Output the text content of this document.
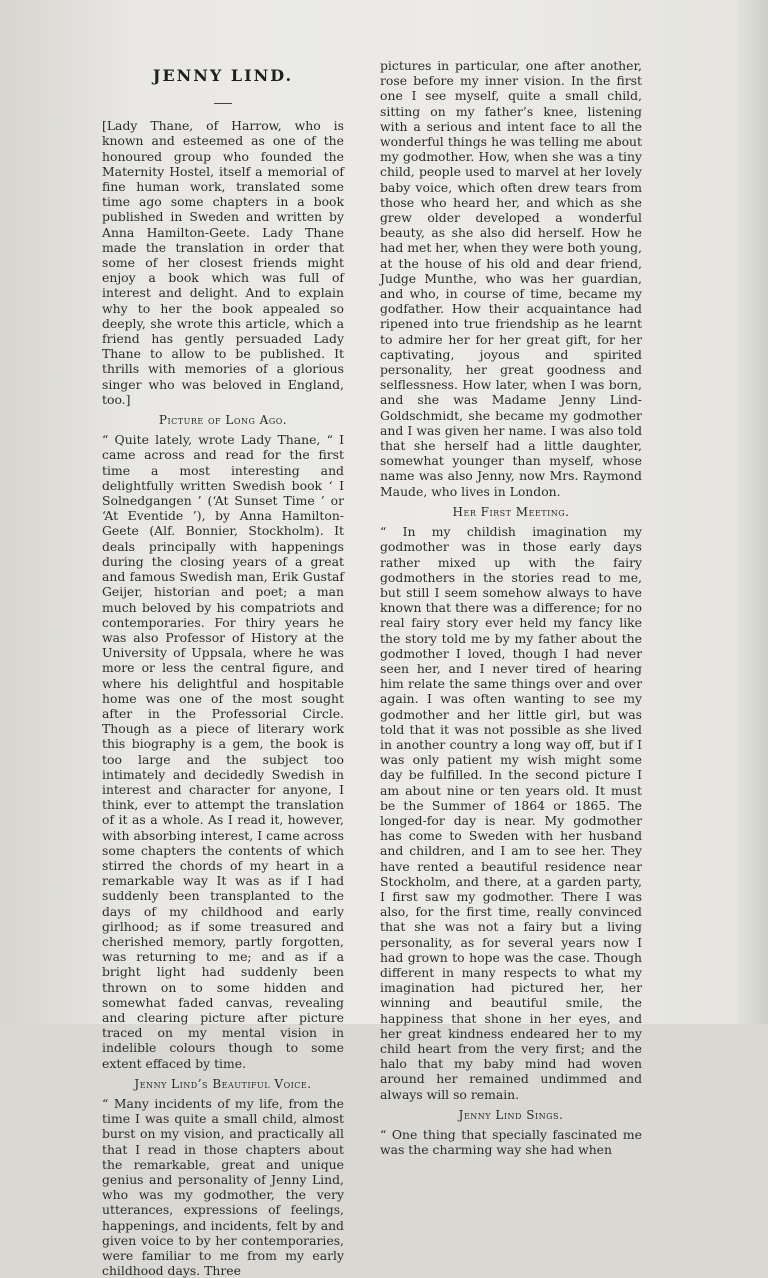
JENNY LIND.

[Lady Thane, of Harrow, who is known and esteemed as one of the honoured group who founded the Maternity Hostel, itself a memorial of fine human work, translated some time ago some chapters in a book published in Sweden and written by Anna Hamilton-Geete. Lady Thane made the translation in order that some of her closest friends might enjoy a book which was full of interest and delight. And to explain why to her the book appealed so deeply, she wrote this article, which a friend has gently persuaded Lady Thane to allow to be published. It thrills with memories of a glorious singer who was beloved in England, too.]

Picture of Long Ago.

“ Quite lately, wrote Lady Thane, “ I came across and read for the first time a most interesting and delightfully written Swedish book ‘ I Solnedgangen ’ (‘At Sunset Time ’ or ‘At Eventide ’), by Anna Hamilton-Geete (Alf. Bonnier, Stockholm). It deals principally with happenings during the closing years of a great and famous Swedish man, Erik Gustaf Geijer, historian and poet; a man much beloved by his compatriots and contemporaries. For thiry years he was also Professor of History at the University of Uppsala, where he was more or less the central figure, and where his delightful and hospitable home was one of the most sought after in the Professorial Circle. Though as a piece of literary work this biography is a gem, the book is too large and the subject too intimately and decidedly Swedish in interest and character for anyone, I think, ever to attempt the translation of it as a whole. As I read it, however, with absorbing interest, I came across some chapters the contents of which stirred the chords of my heart in a remarkable way It was as if I had suddenly been transplanted to the days of my childhood and early girlhood; as if some treasured and cherished memory, partly forgotten, was returning to me; and as if a bright light had suddenly been thrown on to some hidden and somewhat faded canvas, revealing and clearing picture after picture traced on my mental vision in indelible colours though to some extent effaced by time.

Jenny Lind’s Beautiful Voice.

“ Many incidents of my life, from the time I was quite a small child, almost burst on my vision, and practically all that I read in those chapters about the remarkable, great and unique genius and personality of Jenny Lind, who was my godmother, the very utterances, expressions of feelings, happenings, and incidents, felt by and given voice to by her contemporaries, were familiar to me from my early childhood days. Three

pictures in particular, one after another, rose before my inner vision. In the first one I see myself, quite a small child, sitting on my father’s knee, listening with a serious and intent face to all the wonderful things he was telling me about my godmother. How, when she was a tiny child, people used to marvel at her lovely baby voice, which often drew tears from those who heard her, and which as she grew older developed a wonderful beauty, as she also did herself. How he had met her, when they were both young, at the house of his old and dear friend, Judge Munthe, who was her guardian, and who, in course of time, became my godfather. How their acquaintance had ripened into true friendship as he learnt to admire her for her great gift, for her captivating, joyous and spirited personality, her great goodness and selflessness. How later, when I was born, and she was Madame Jenny Lind-Goldschmidt, she became my godmother and I was given her name. I was also told that she herself had a little daughter, somewhat younger than myself, whose name was also Jenny, now Mrs. Raymond Maude, who lives in London.

Her First Meeting.

“ In my childish imagination my godmother was in those early days rather mixed up with the fairy godmothers in the stories read to me, but still I seem somehow always to have known that there was a difference; for no real fairy story ever held my fancy like the story told me by my father about the godmother I loved, though I had never seen her, and I never tired of hearing him relate the same things over and over again. I was often wanting to see my godmother and her little girl, but was told that it was not possible as she lived in another country a long way off, but if I was only patient my wish might some day be fulfilled. In the second picture I am about nine or ten years old. It must be the Summer of 1864 or 1865. The longed-for day is near. My godmother has come to Sweden with her husband and children, and I am to see her. They have rented a beautiful residence near Stockholm, and there, at a garden party, I first saw my godmother. There I was also, for the first time, really convinced that she was not a fairy but a living personality, as for several years now I had grown to hope was the case. Though different in many respects to what my imagination had pictured her, her winning and beautiful smile, the happiness that shone in her eyes, and her great kindness endeared her to my child heart from the very first; and the halo that my baby mind had woven around her remained undimmed and always will so remain.

Jenny Lind Sings.

“ One thing that specially fascinated me was the charming way she had when
